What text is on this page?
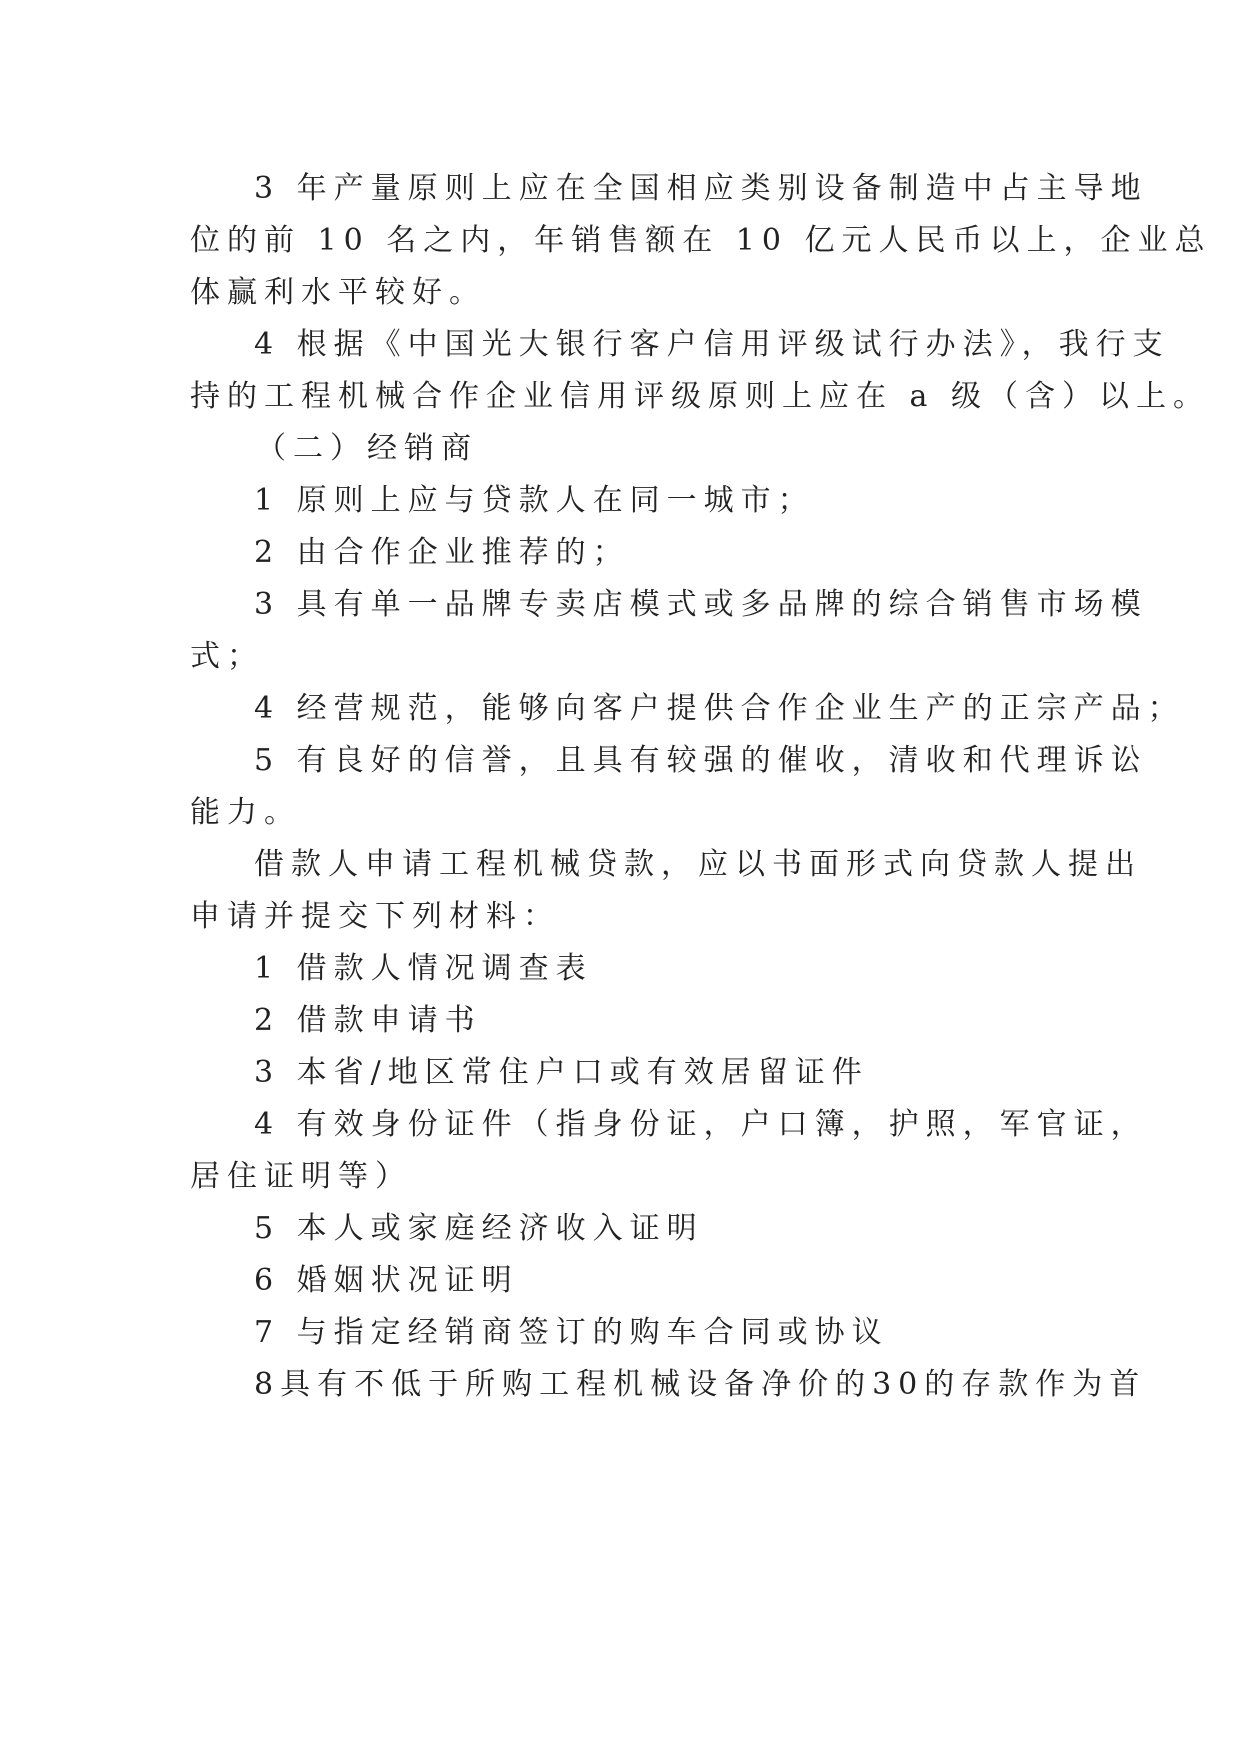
3 年产量原则上应在全国相应类别设备制造中占主导地
位的前 10 名之内，年销售额在 10 亿元人民币以上，企业总
体赢利水平较好。
4 根据《中国光大银行客户信用评级试行办法》，我行支
持的工程机械合作企业信用评级原则上应在 a 级（含）以上。
（二）经销商
1 原则上应与贷款人在同一城市；
2 由合作企业推荐的；
3 具有单一品牌专卖店模式或多品牌的综合销售市场模
式；
4 经营规范，能够向客户提供合作企业生产的正宗产品；
5 有良好的信誉，且具有较强的催收，清收和代理诉讼
能力。
借款人申请工程机械贷款，应以书面形式向贷款人提出
申请并提交下列材料：
1 借款人情况调查表
2 借款申请书
3 本省/地区常住户口或有效居留证件
4 有效身份证件（指身份证，户口簿，护照，军官证，
居住证明等）
5 本人或家庭经济收入证明
6 婚姻状况证明
7 与指定经销商签订的购车合同或协议
8具有不低于所购工程机械设备净价的30的存款作为首
